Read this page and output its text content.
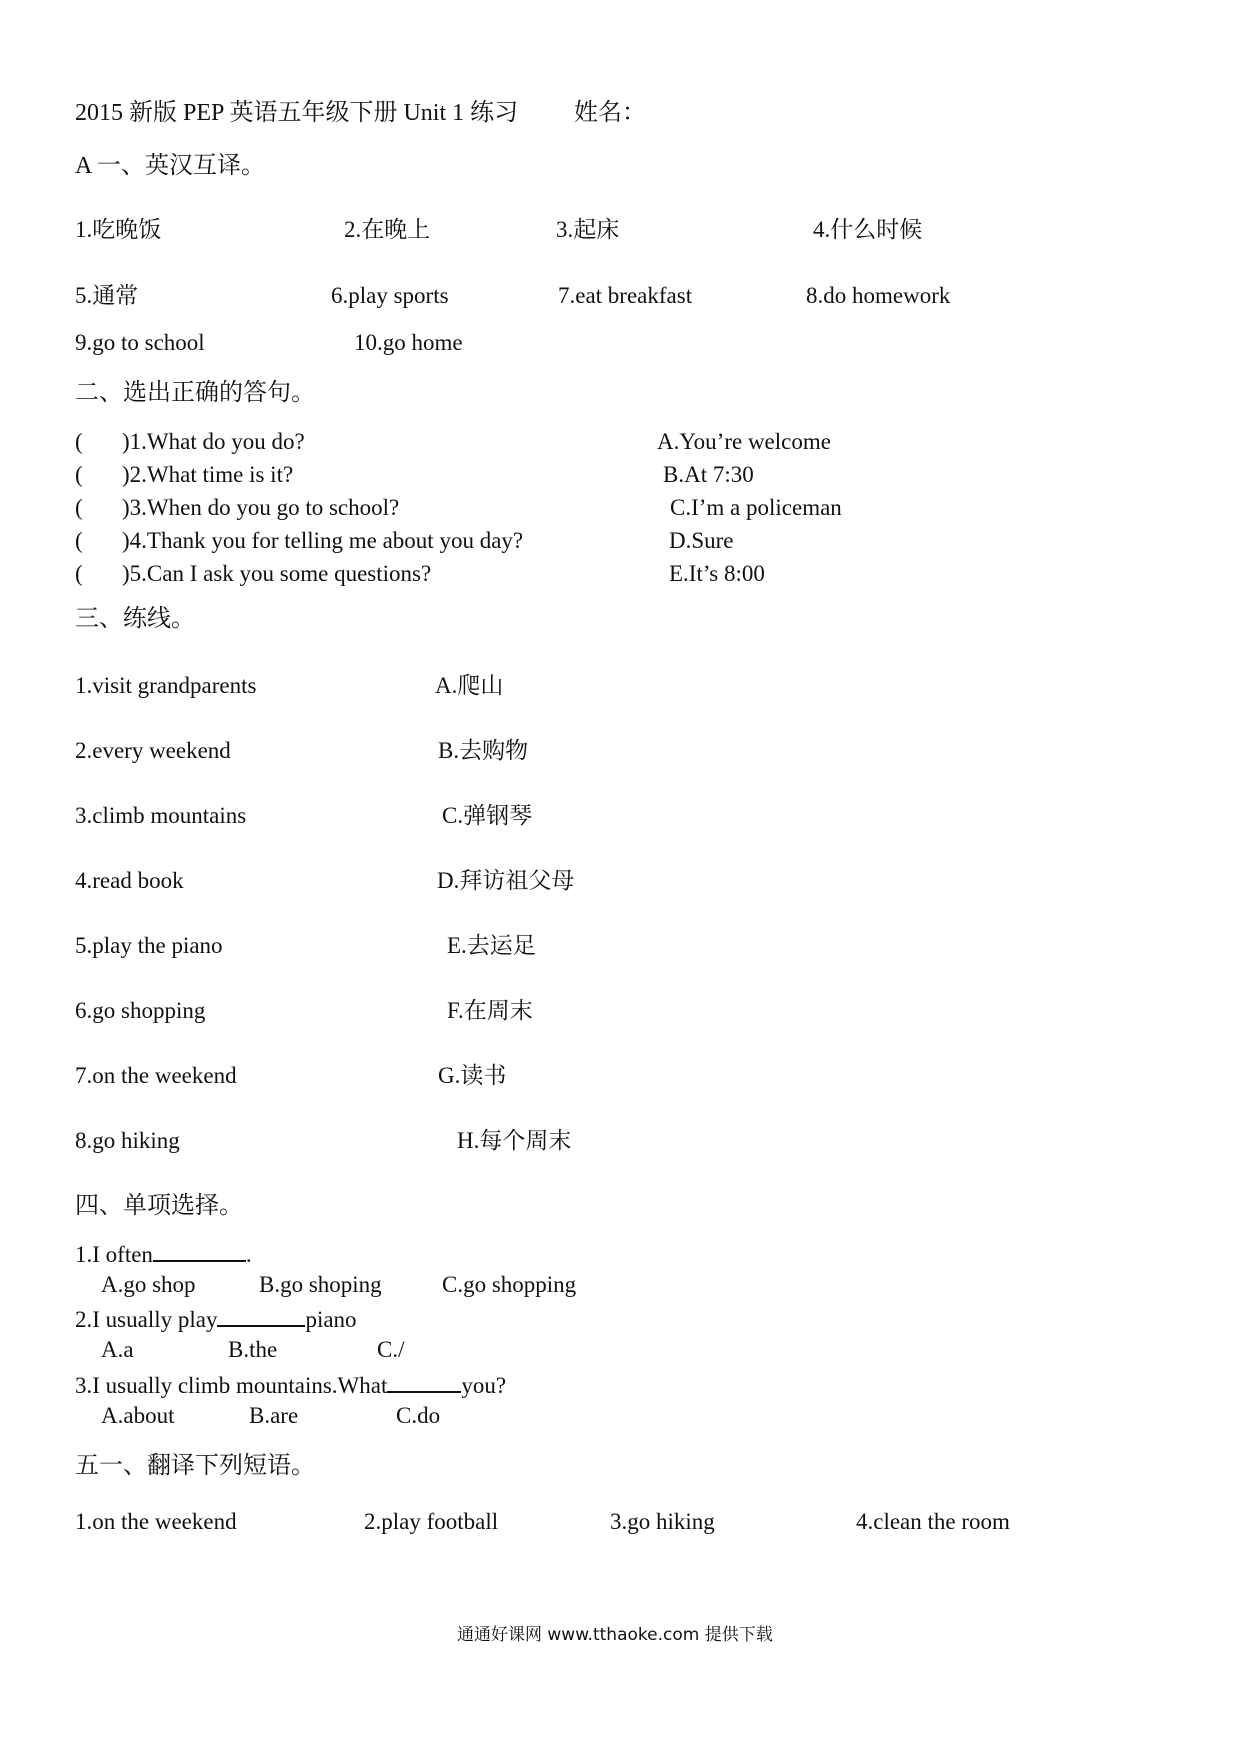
2015 新版 PEP 英语五年级下册 Unit 1 练习 姓名：
A 一、英汉互译。
1.吃晚饭	2.在晚上	3.起床	4.什么时候
5.通常	6.play sports	7.eat breakfast	8.do homework
9.go to school	10.go home
二、选出正确的答句。
( )1.What do you do?	A.You’re welcome
( )2.What time is it?	B.At 7:30
( )3.When do you go to school?	C.I’m a policeman
( )4.Thank you for telling me about you day?	D.Sure
( )5.Can I ask you some questions?	E.It’s 8:00
三、练线。
1.visit grandparents	A.爬山
2.every weekend	B.去购物
3.climb mountains	C.弹钢琴
4.read book	D.拜访祖父母
5.play the piano	E.去运足
6.go shopping	F.在周末
7.on the weekend	G.读书
8.go hiking	H.每个周末
四、单项选择。
1.I often	.
A.go shop	B.go shoping	C.go shopping
2.I usually play	piano
A.a	B.the	C./
3.I usually climb mountains.What	you?
A.about	B.are	C.do
五一、翻译下列短语。
1.on the weekend	2.play football	3.go hiking	4.clean the room
通通好课网 www.tthaoke.com 提供下载
